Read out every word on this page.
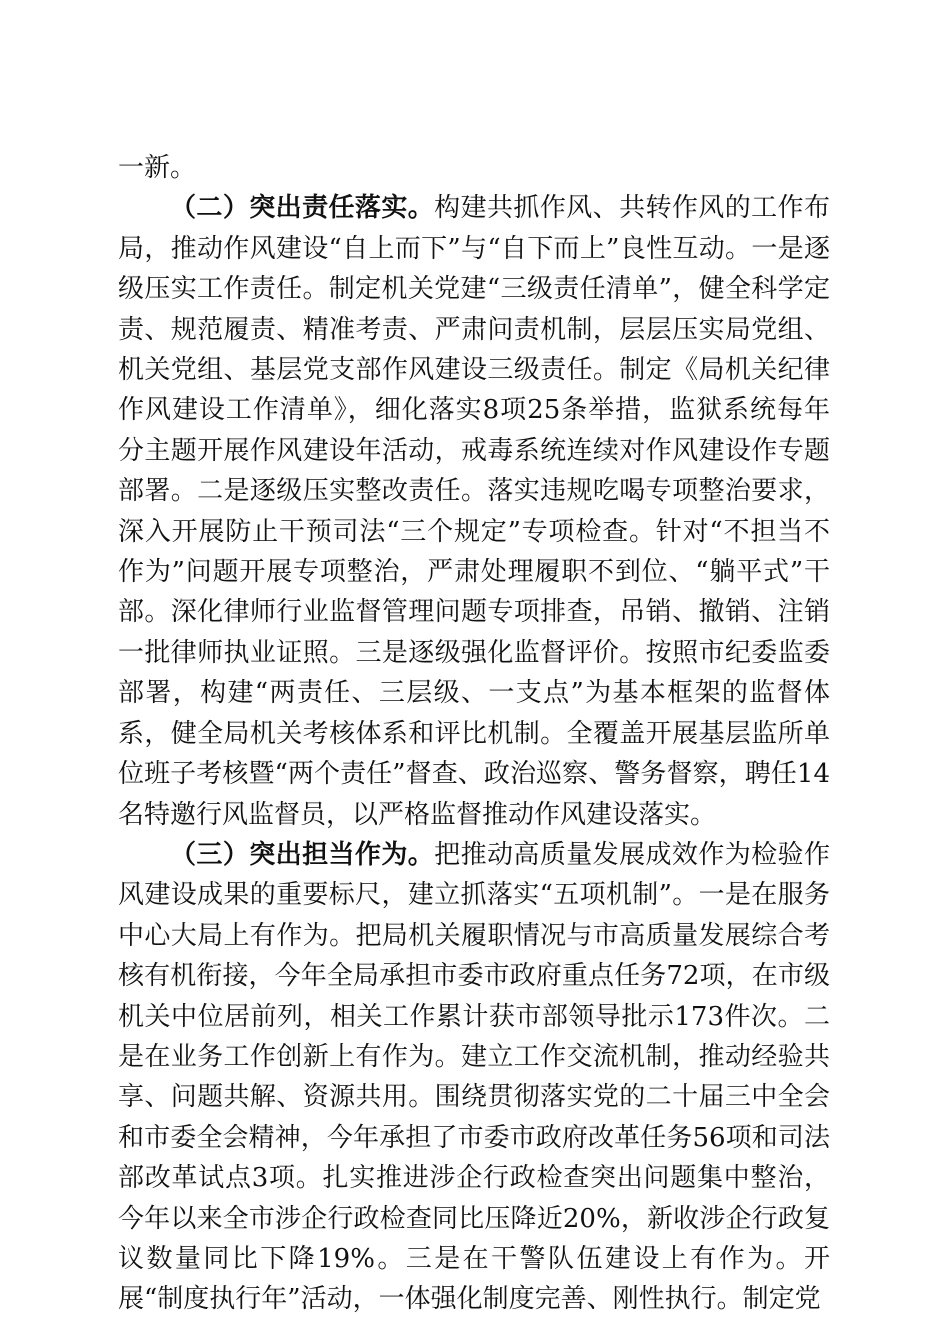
一新。

（二）突出责任落实。构建共抓作风、共转作风的工作布局，推动作风建设“自上而下”与“自下而上”良性互动。一是逐级压实工作责任。制定机关党建“三级责任清单”，健全科学定责、规范履责、精准考责、严肃问责机制，层层压实局党组、机关党组、基层党支部作风建设三级责任。制定《局机关纪律作风建设工作清单》，细化落实8项25条举措，监狱系统每年分主题开展作风建设年活动，戒毒系统连续对作风建设作专题部署。二是逐级压实整改责任。落实违规吃喝专项整治要求，深入开展防止干预司法“三个规定”专项检查。针对“不担当不作为”问题开展专项整治，严肃处理履职不到位、“躺平式”干部。深化律师行业监督管理问题专项排查，吊销、撤销、注销一批律师执业证照。三是逐级强化监督评价。按照市纪委监委部署，构建“两责任、三层级、一支点”为基本框架的监督体系，健全局机关考核体系和评比机制。全覆盖开展基层监所单位班子考核暨“两个责任”督查、政治巡察、警务督察，聘任14名特邀行风监督员，以严格监督推动作风建设落实。

（三）突出担当作为。把推动高质量发展成效作为检验作风建设成果的重要标尺，建立抓落实“五项机制”。一是在服务中心大局上有作为。把局机关履职情况与市高质量发展综合考核有机衔接，今年全局承担市委市政府重点任务72项，在市级机关中位居前列，相关工作累计获市部领导批示173件次。二是在业务工作创新上有作为。建立工作交流机制，推动经验共享、问题共解、资源共用。围绕贯彻落实党的二十届三中全会和市委全会精神，今年承担了市委市政府改革任务56项和司法部改革试点3项。扎实推进涉企行政检查突出问题集中整治，今年以来全市涉企行政检查同比压降近20%，新收涉企行政复议数量同比下降19%。三是在干警队伍建设上有作为。开展“制度执行年”活动，一体强化制度完善、刚性执行。制定党
